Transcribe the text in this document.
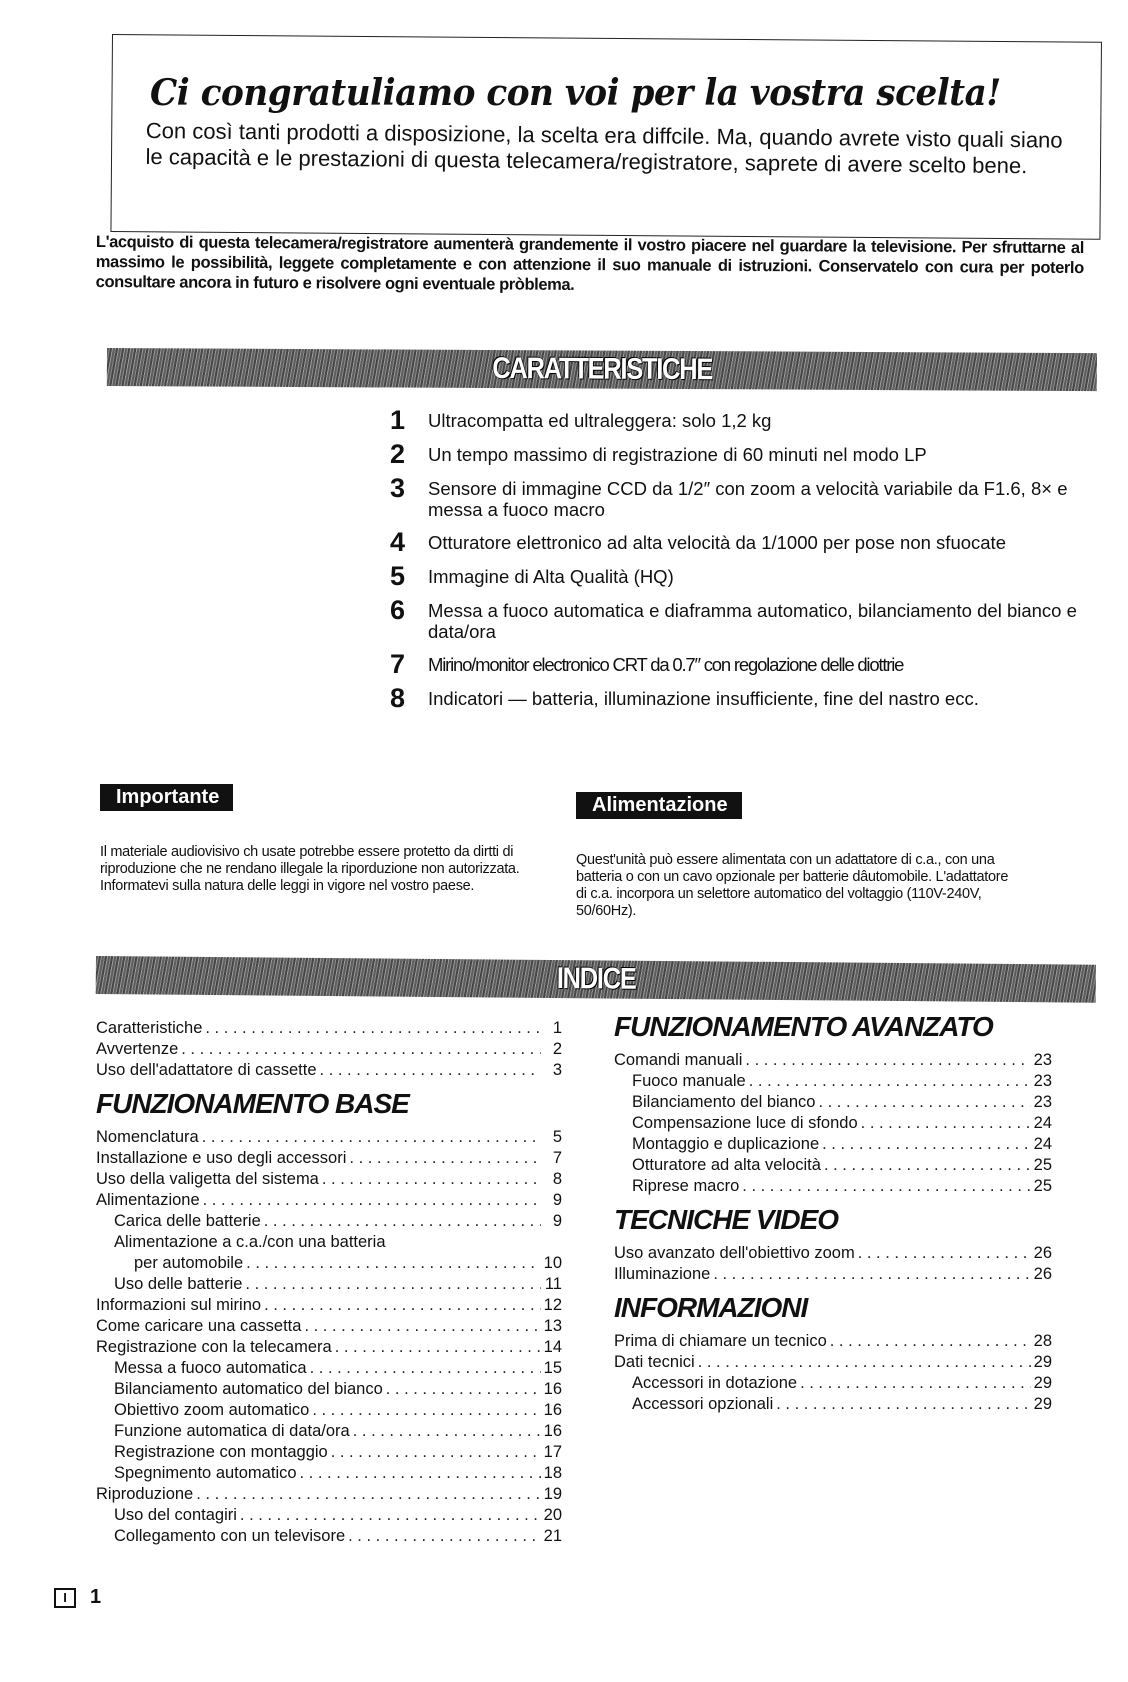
Ci congratuliamo con voi per la vostra scelta!
Con così tanti prodotti a disposizione, la scelta era diffcile. Ma, quando avrete visto quali siano le capacità e le prestazioni di questa telecamera/registratore, saprete di avere scelto bene.
L'acquisto di questa telecamera/registratore aumenterà grandemente il vostro piacere nel guardare la televisione. Per sfruttarne al massimo le possibilità, leggete completamente e con attenzione il suo manuale di istruzioni. Conservatelo con cura per poterlo consultare ancora in futuro e risolvere ogni eventuale pròblema.
CARATTERISTICHE
1	Ultracompatta ed ultraleggera: solo 1,2 kg
2	Un tempo massimo di registrazione di 60 minuti nel modo LP
3	Sensore di immagine CCD da 1/2″ con zoom a velocità variabile da F1.6, 8× e messa a fuoco macro
4	Otturatore elettronico ad alta velocità da 1/1000 per pose non sfuocate
5	Immagine di Alta Qualità (HQ)
6	Messa a fuoco automatica e diaframma automatico, bilanciamento del bianco e data/ora
7	Mirino/monitor electronico CRT da 0.7″ con regolazione delle diottrie
8	Indicatori — batteria, illuminazione insufficiente, fine del nastro ecc.
Importante
Il materiale audiovisivo ch usate potrebbe essere protetto da dirtti di riproduzione che ne rendano illegale la riporduzione non autorizzata. Informatevi sulla natura delle leggi in vigore nel vostro paese.
Alimentazione
Quest'unità può essere alimentata con un adattatore di c.a., con una batteria o con un cavo opzionale per batterie dâutomobile. L'adattatore di c.a. incorpora un selettore automatico del voltaggio (110V-240V, 50/60Hz).
INDICE
Caratteristiche . . .	1
Avvertenze . . .	2
Uso dell'adattatore di cassette . . .	3
FUNZIONAMENTO BASE
Nomenclatura . . .	5
Installazione e uso degli accessori . . .	7
Uso della valigetta del sistema . . .	8
Alimentazione . . .	9
Carica delle batterie . . .	9
Alimentazione a c.a./con una batteria
per automobile . . .	10
Uso delle batterie . . .	11
Informazioni sul mirino . . .	12
Come caricare una cassetta . . .	13
Registrazione con la telecamera . . .	14
Messa a fuoco automatica . . .	15
Bilanciamento automatico del bianco . . .	16
Obiettivo zoom automatico . . .	16
Funzione automatica di data/ora . . .	16
Registrazione con montaggio . . .	17
Spegnimento automatico . . .	18
Riproduzione . . .	19
Uso del contagiri . . .	20
Collegamento con un televisore . . .	21
FUNZIONAMENTO AVANZATO
Comandi manuali . . .	23
Fuoco manuale . . .	23
Bilanciamento del bianco . . .	23
Compensazione luce di sfondo . . .	24
Montaggio e duplicazione . . .	24
Otturatore ad alta velocità . . .	25
Riprese macro . . .	25
TECNICHE VIDEO
Uso avanzato dell'obiettivo zoom . . .	26
Illuminazione . . .	26
INFORMAZIONI
Prima di chiamare un tecnico . . .	28
Dati tecnici . . .	29
Accessori in dotazione . . .	29
Accessori opzionali . . .	29
I	1
